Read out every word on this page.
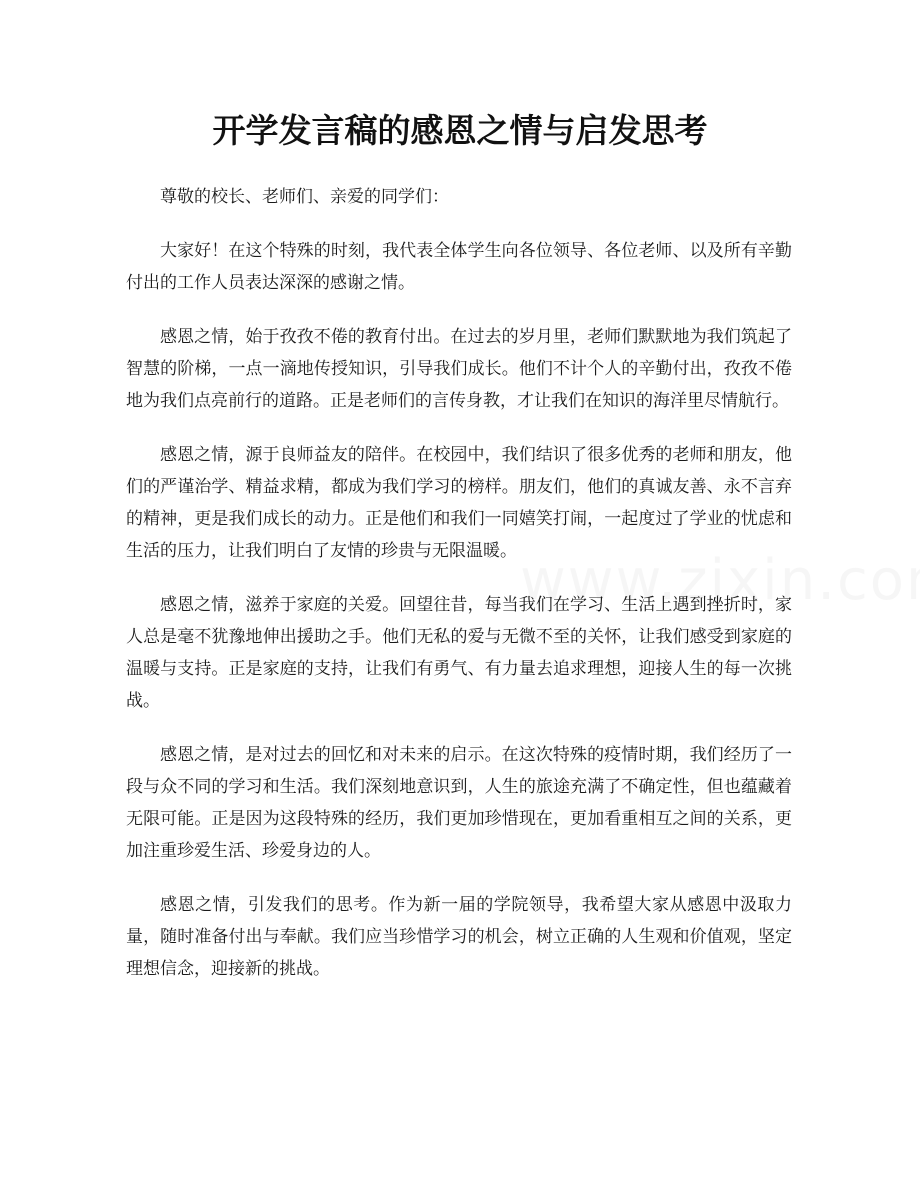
开学发言稿的感恩之情与启发思考

尊敬的校长、老师们、亲爱的同学们：

大家好！在这个特殊的时刻，我代表全体学生向各位领导、各位老师、以及所有辛勤付出的工作人员表达深深的感谢之情。

感恩之情，始于孜孜不倦的教育付出。在过去的岁月里，老师们默默地为我们筑起了智慧的阶梯，一点一滴地传授知识，引导我们成长。他们不计个人的辛勤付出，孜孜不倦地为我们点亮前行的道路。正是老师们的言传身教，才让我们在知识的海洋里尽情航行。

感恩之情，源于良师益友的陪伴。在校园中，我们结识了很多优秀的老师和朋友，他们的严谨治学、精益求精，都成为我们学习的榜样。朋友们，他们的真诚友善、永不言弃的精神，更是我们成长的动力。正是他们和我们一同嬉笑打闹，一起度过了学业的忧虑和生活的压力，让我们明白了友情的珍贵与无限温暖。

感恩之情，滋养于家庭的关爱。回望往昔，每当我们在学习、生活上遇到挫折时，家人总是毫不犹豫地伸出援助之手。他们无私的爱与无微不至的关怀，让我们感受到家庭的温暖与支持。正是家庭的支持，让我们有勇气、有力量去追求理想，迎接人生的每一次挑战。

感恩之情，是对过去的回忆和对未来的启示。在这次特殊的疫情时期，我们经历了一段与众不同的学习和生活。我们深刻地意识到，人生的旅途充满了不确定性，但也蕴藏着无限可能。正是因为这段特殊的经历，我们更加珍惜现在，更加看重相互之间的关系，更加注重珍爱生活、珍爱身边的人。

感恩之情，引发我们的思考。作为新一届的学院领导，我希望大家从感恩中汲取力量，随时准备付出与奉献。我们应当珍惜学习的机会，树立正确的人生观和价值观，坚定理想信念，迎接新的挑战。
